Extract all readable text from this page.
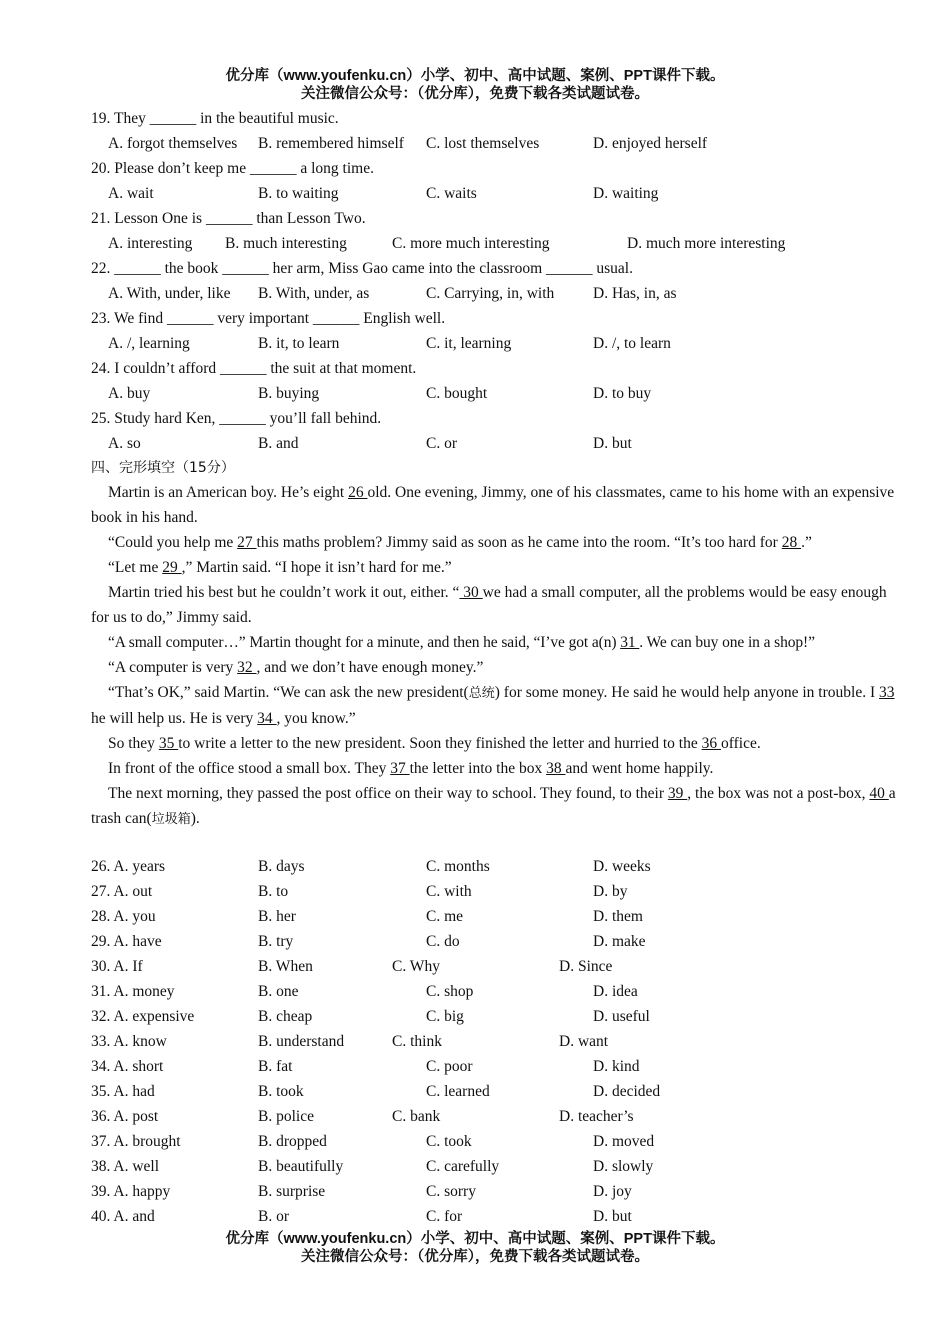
优分库（www.youfenku.cn）小学、初中、高中试题、案例、PPT课件下载。
关注微信公众号：（优分库），免费下载各类试题试卷。
19. They ______ in the beautiful music.
A. forgot themselves B. remembered himself C. lost themselves	D. enjoyed herself
20. Please don’t keep me ______ a long time.
A. wait	B. to waiting	C. waits	D. waiting
21. Lesson One is ______ than Lesson Two.
A. interesting B. much interesting	C. more much interesting	D. much more interesting
22. ______ the book ______ her arm, Miss Gao came into the classroom ______ usual.
A. With, under, like B. With, under, as	C. Carrying, in, with D. Has, in, as
23. We find ______ very important ______ English well.
A. /, learning	B. it, to learn	C. it, learning	D. /, to learn
24. I couldn’t afford ______ the suit at that moment.
A. buy	B. buying	C. bought	D. to buy
25. Study hard Ken, ______ you’ll fall behind.
A. so	B. and	C. or	D. but
四、完形填空（15分）
Martin is an American boy. He’s eight 26 old. One evening, Jimmy, one of his classmates, came to his home with an expensive book in his hand.
“Could you help me 27 this maths problem? Jimmy said as soon as he came into the room. “It’s too hard for 28 .”
“Let me 29 ,” Martin said. “I hope it isn’t hard for me.”
Martin tried his best but he couldn’t work it out, either. “ 30 we had a small computer, all the problems would be easy enough for us to do,” Jimmy said.
“A small computer…” Martin thought for a minute, and then he said, “I’ve got a(n) 31 . We can buy one in a shop!”
“A computer is very 32 , and we don’t have enough money.”
“That’s OK,” said Martin. “We can ask the new president(总统) for some money. He said he would help anyone in trouble. I 33 he will help us. He is very 34 , you know.”
So they 35 to write a letter to the new president. Soon they finished the letter and hurried to the 36 office.
In front of the office stood a small box. They 37 the letter into the box 38 and went home happily.
The next morning, they passed the post office on their way to school. They found, to their 39 , the box was not a post-box, 40 a trash can(垃圾箱).
26. A. years	B. days	C. months	D. weeks
27. A. out	B. to	C. with	D. by
28. A. you	B. her	C. me	D. them
29. A. have	B. try	C. do	D. make
30. A. If	B. When	C. Why	D. Since
31. A. money	B. one	C. shop	D. idea
32. A. expensive	B. cheap	C. big	D. useful
33. A. know	B. understand	C. think	D. want
34. A. short	B. fat	C. poor	D. kind
35. A. had	B. took	C. learned	D. decided
36. A. post	B. police	C. bank	D. teacher’s
37. A. brought	B. dropped	C. took	D. moved
38. A. well	B. beautifully	C. carefully	D. slowly
39. A. happy	B. surprise	C. sorry	D. joy
40. A. and	B. or	C. for	D. but
优分库（www.youfenku.cn）小学、初中、高中试题、案例、PPT课件下载。
关注微信公众号：（优分库），免费下载各类试题试卷。
